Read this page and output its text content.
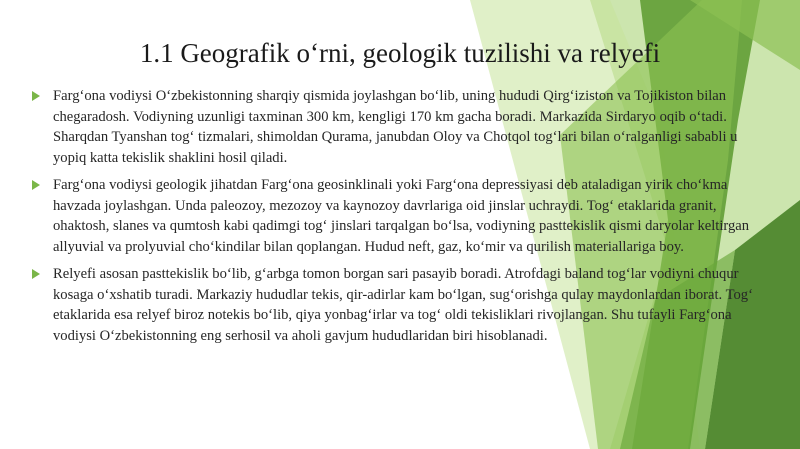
1.1 Geografik o‘rni, geologik tuzilishi va relyefi
Farg‘ona vodiysi O‘zbekistonning sharqiy qismida joylashgan bo‘lib, uning hududi Qirg‘iziston va Tojikiston bilan chegaradosh. Vodiyning uzunligi taxminan 300 km, kengligi 170 km gacha boradi. Markazida Sirdaryo oqib o‘tadi. Sharqdan Tyanshan tog‘ tizmalari, shimoldan Qurama, janubdan Oloy va Chotqol tog‘lari bilan o‘ralganligi sababli u yopiq katta tekislik shaklini hosil qiladi.
Farg‘ona vodiysi geologik jihatdan Farg‘ona geosinklinali yoki Farg‘ona depressiyasi deb ataladigan yirik cho‘kma havzada joylashgan. Unda paleozoy, mezozoy va kaynozoy davrlariga oid jinslar uchraydi. Tog‘ etaklarida granit, ohaktosh, slanes va qumtosh kabi qadimgi tog‘ jinslari tarqalgan bo‘lsa, vodiyning pasttekislik qismi daryolar keltirgan allyuvial va prolyuvial cho‘kindilar bilan qoplangan. Hudud neft, gaz, ko‘mir va qurilish materiallariga boy.
Relyefi asosan pasttekislik bo‘lib, g‘arbga tomon borgan sari pasayib boradi. Atrofdagi baland tog‘lar vodiyni chuqur kosaga o‘xshatib turadi. Markaziy hududlar tekis, qir-adirlar kam bo‘lgan, sug‘orishga qulay maydonlardan iborat. Tog‘ etaklarida esa relyef biroz notekis bo‘lib, qiya yonbag‘irlar va tog‘ oldi tekisliklari rivojlangan. Shu tufayli Farg‘ona vodiysi O‘zbekistonning eng serhosil va aholi gavjum hududlaridan biri hisoblanadi.
